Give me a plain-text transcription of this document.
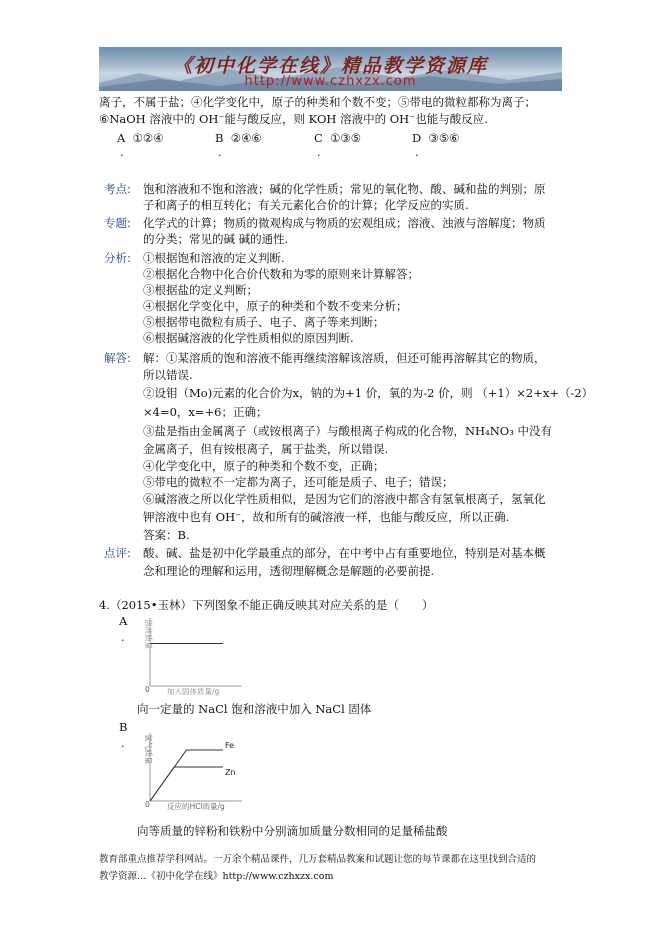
《初中化学在线》精品教学资源库
http://www.czhxzx.com
离子，不属于盐；④化学变化中，原子的种类和个数不变；⑤带电的微粒都称为离子；
⑥NaOH 溶液中的 OH⁻能与酸反应，则 KOH 溶液中的 OH⁻也能与酸反应.
A ①②④
.
B ②④⑥
.
C ①③⑤
.
D ③⑤⑥
.
考点: 饱和溶液和不饱和溶液；碱的化学性质；常见的氧化物、酸、碱和盐的判别；原
子和离子的相互转化；有关元素化合价的计算；化学反应的实质.
专题: 化学式的计算；物质的微观构成与物质的宏观组成；溶液、浊液与溶解度；物质
的分类；常见的碱 碱的通性.
分析: ①根据饱和溶液的定义判断.
②根据化合物中化合价代数和为零的原则来计算解答；
③根据盐的定义判断；
④根据化学变化中，原子的种类和个数不变来分析；
⑤根据带电微粒有质子、电子、离子等来判断；
⑥根据碱溶液的化学性质相似的原因判断.
解答: 解：①某溶质的饱和溶液不能再继续溶解该溶质，但还可能再溶解其它的物质，
所以错误.
②设钼（Mo)元素的化合价为x，钠的为+1 价，氧的为-2 价，则 （+1）×2+x+（-2）
×4=0，x=+6；正确；
③盐是指由金属离子（或铵根离子）与酸根离子构成的化合物，NH₄NO₃ 中没有
金属离子，但有铵根离子，属于盐类，所以错误.
④化学变化中，原子的种类和个数不变，正确；
⑤带电的微粒不一定都为离子，还可能是质子、电子；错误；
⑥碱溶液之所以化学性质相似，是因为它们的溶液中都含有氢氧根离子，氢氧化
钾溶液中也有 OH⁻，故和所有的碱溶液一样，也能与酸反应，所以正确.
答案：B.
点评: 酸、碱、盐是初中化学最重点的部分，在中考中占有重要地位，特别是对基本概
念和理论的理解和运用，透彻理解概念是解题的必要前提.
4.（2015•玉林）下列图象不能正确反映其对应关系的是（　　）
A
.	溶液质量
0 加入固体质量/g
向一定量的 NaCl 饱和溶液中加入 NaCl 固体
B
.	氢气质量
0 反应的HCl质量/g
Fe
Zn
向等质量的锌粉和铁粉中分别滴加质量分数相同的足量稀盐酸
教育部重点推荐学科网站。一万余个精品课件，几万套精品教案和试题让您的每节课都在这里找到合适的
教学资源…《初中化学在线》http://www.czhxzx.com
